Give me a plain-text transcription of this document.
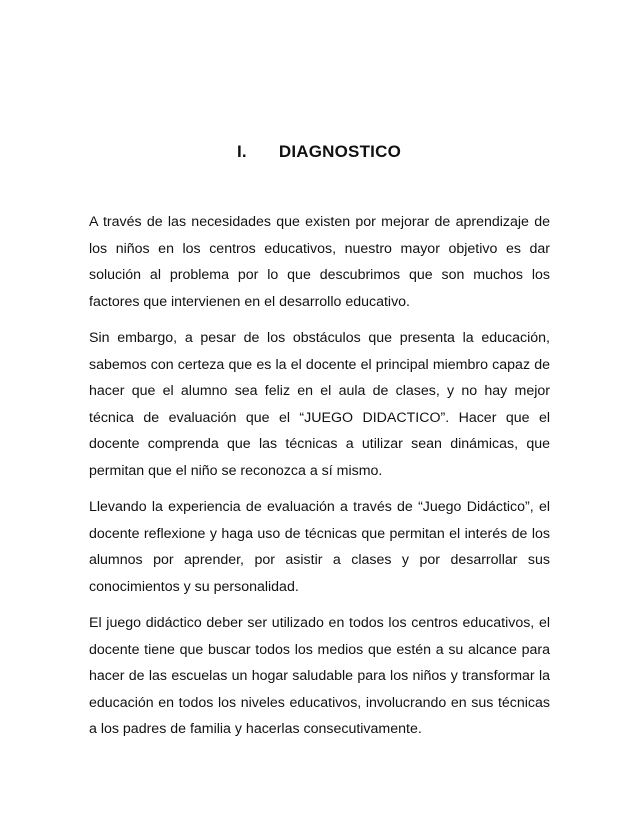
I. DIAGNOSTICO

A través de las necesidades que existen por mejorar de aprendizaje de los niños en los centros educativos, nuestro mayor objetivo es dar solución al problema por lo que descubrimos que son muchos los factores que intervienen en el desarrollo educativo.

Sin embargo, a pesar de los obstáculos que presenta la educación, sabemos con certeza que es la el docente el principal miembro capaz de hacer que el alumno sea feliz en el aula de clases, y no hay mejor técnica de evaluación que el “JUEGO DIDACTICO”. Hacer que el docente comprenda que las técnicas a utilizar sean dinámicas, que permitan que el niño se reconozca a sí mismo.

Llevando la experiencia de evaluación a través de “Juego Didáctico”, el docente reflexione y haga uso de técnicas que permitan el interés de los alumnos por aprender, por asistir a clases y por desarrollar sus conocimientos y su personalidad.

El juego didáctico deber ser utilizado en todos los centros educativos, el docente tiene que buscar todos los medios que estén a su alcance para hacer de las escuelas un hogar saludable para los niños y transformar la educación en todos los niveles educativos, involucrando en sus técnicas a los padres de familia y hacerlas consecutivamente.
